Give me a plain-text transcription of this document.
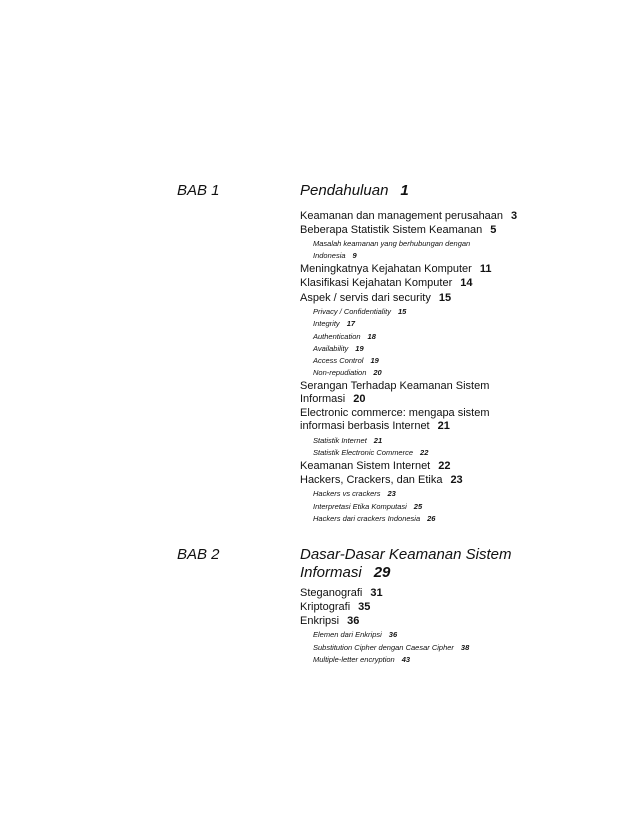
BAB 1	Pendahuluan 1
Keamanan dan management perusahaan 3
Beberapa Statistik Sistem Keamanan 5
Masalah keamanan yang berhubungan dengan
Indonesia 9
Meningkatnya Kejahatan Komputer 11
Klasifikasi Kejahatan Komputer 14
Aspek / servis dari security 15
Privacy / Confidentiality 15
Integrity 17
Authentication 18
Availability 19
Access Control 19
Non-repudiation 20
Serangan Terhadap Keamanan Sistem Informasi 20
Electronic commerce: mengapa sistem informasi berbasis Internet 21
Statistik Internet 21
Statistik Electronic Commerce 22
Keamanan Sistem Internet 22
Hackers, Crackers, dan Etika 23
Hackers vs crackers 23
Interpretasi Etika Komputasi 25
Hackers dari crackers Indonesia 26
BAB 2	Dasar-Dasar Keamanan Sistem Informasi 29
Steganografi 31
Kriptografi 35
Enkripsi 36
Elemen dari Enkripsi 36
Substitution Cipher dengan Caesar Cipher 38
Multiple-letter encryption 43
